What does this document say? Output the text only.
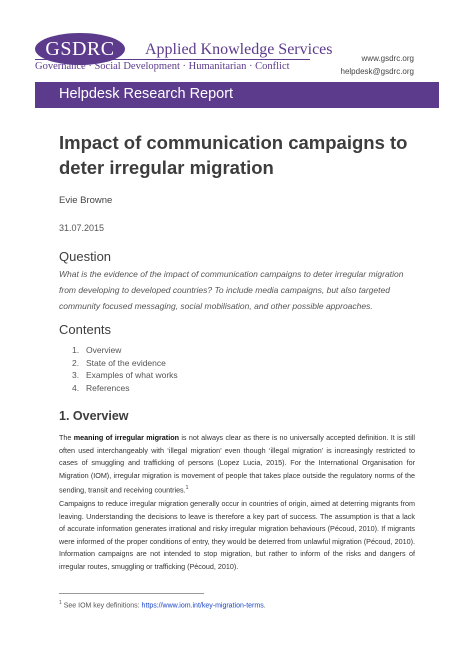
GSDRC Applied Knowledge Services
Governance · Social Development · Humanitarian · Conflict
www.gsdrc.org
helpdesk@gsdrc.org
Helpdesk Research Report
Impact of communication campaigns to deter irregular migration
Evie Browne
31.07.2015
Question
What is the evidence of the impact of communication campaigns to deter irregular migration from developing to developed countries? To include media campaigns, but also targeted community focused messaging, social mobilisation, and other possible approaches.
Contents
1. Overview
2. State of the evidence
3. Examples of what works
4. References
1. Overview
The meaning of irregular migration is not always clear as there is no universally accepted definition. It is still often used interchangeably with ‘illegal migration’ even though ‘illegal migration’ is increasingly restricted to cases of smuggling and trafficking of persons (Lopez Lucia, 2015). For the International Organisation for Migration (IOM), irregular migration is movement of people that takes place outside the regulatory norms of the sending, transit and receiving countries.$^1$
Campaigns to reduce irregular migration generally occur in countries of origin, aimed at deterring migrants from leaving. Understanding the decisions to leave is therefore a key part of success. The assumption is that a lack of accurate information generates irrational and risky irregular migration behaviours (Pécoud, 2010). If migrants were informed of the proper conditions of entry, they would be deterred from unlawful migration (Pécoud, 2010). Information campaigns are not intended to stop migration, but rather to inform of the risks and dangers of irregular routes, smuggling or trafficking (Pécoud, 2010).
$^1$ See IOM key definitions: https://www.iom.int/key-migration-terms.
